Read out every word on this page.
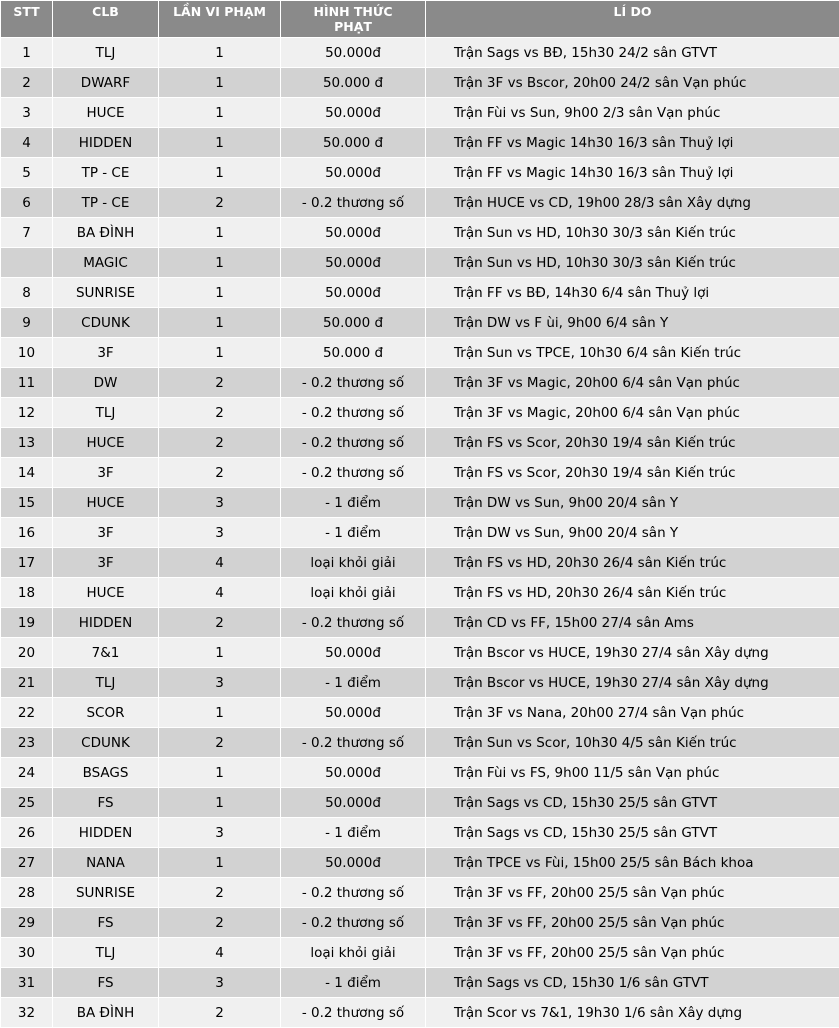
STT	CLB	LẦN VI PHẠM	HÌNH THỨC PHẠT	LÍ DO

1	TLJ	1	50.000đ	Trận Sags vs BĐ, 15h30 24/2 sân GTVT
2	DWARF	1	50.000 đ	Trận 3F vs Bscor, 20h00 24/2 sân Vạn phúc
3	HUCE	1	50.000đ	Trận Fùi vs Sun, 9h00 2/3 sân Vạn phúc
4	HIDDEN	1	50.000 đ	Trận FF vs Magic 14h30 16/3 sân Thuỷ lợi
5	TP - CE	1	50.000đ	Trận FF vs Magic 14h30 16/3 sân Thuỷ lợi
6	TP - CE	2	- 0.2 thương số	Trận HUCE vs CD, 19h00 28/3 sân Xây dựng
7	BA ĐÌNH	1	50.000đ	Trận Sun vs HD, 10h30 30/3 sân Kiến trúc
	MAGIC	1	50.000đ	Trận Sun vs HD, 10h30 30/3 sân Kiến trúc
8	SUNRISE	1	50.000đ	Trận FF vs BĐ, 14h30 6/4 sân Thuỷ lợi
9	CDUNK	1	50.000 đ	Trận DW vs F ùi, 9h00 6/4 sân Y
10	3F	1	50.000 đ	Trận Sun vs TPCE, 10h30 6/4 sân Kiến trúc
11	DW	2	- 0.2 thương số	Trận 3F vs Magic, 20h00 6/4 sân Vạn phúc
12	TLJ	2	- 0.2 thương số	Trận 3F vs Magic, 20h00 6/4 sân Vạn phúc
13	HUCE	2	- 0.2 thương số	Trận FS vs Scor, 20h30 19/4 sân Kiến trúc
14	3F	2	- 0.2 thương số	Trận FS vs Scor, 20h30 19/4 sân Kiến trúc
15	HUCE	3	- 1 điểm	Trận DW vs Sun, 9h00 20/4 sân Y
16	3F	3	- 1 điểm	Trận DW vs Sun, 9h00 20/4 sân Y
17	3F	4	loại khỏi giải	Trận FS vs HD, 20h30 26/4 sân Kiến trúc
18	HUCE	4	loại khỏi giải	Trận FS vs HD, 20h30 26/4 sân Kiến trúc
19	HIDDEN	2	- 0.2 thương số	Trận CD vs FF, 15h00 27/4 sân Ams
20	7&1	1	50.000đ	Trận Bscor vs HUCE, 19h30 27/4 sân Xây dựng
21	TLJ	3	- 1 điểm	Trận Bscor vs HUCE, 19h30 27/4 sân Xây dựng
22	SCOR	1	50.000đ	Trận 3F vs Nana, 20h00 27/4 sân Vạn phúc
23	CDUNK	2	- 0.2 thương số	Trận Sun vs Scor, 10h30 4/5 sân Kiến trúc
24	BSAGS	1	50.000đ	Trận Fùi vs FS, 9h00 11/5 sân Vạn phúc
25	FS	1	50.000đ	Trận Sags vs CD, 15h30 25/5 sân GTVT
26	HIDDEN	3	- 1 điểm	Trận Sags vs CD, 15h30 25/5 sân GTVT
27	NANA	1	50.000đ	Trận TPCE vs Fùi, 15h00 25/5 sân Bách khoa
28	SUNRISE	2	- 0.2 thương số	Trận 3F vs FF, 20h00 25/5 sân Vạn phúc
29	FS	2	- 0.2 thương số	Trận 3F vs FF, 20h00 25/5 sân Vạn phúc
30	TLJ	4	loại khỏi giải	Trận 3F vs FF, 20h00 25/5 sân Vạn phúc
31	FS	3	- 1 điểm	Trận Sags vs CD, 15h30 1/6 sân GTVT
32	BA ĐÌNH	2	- 0.2 thương số	Trận Scor vs 7&1, 19h30 1/6 sân Xây dựng
